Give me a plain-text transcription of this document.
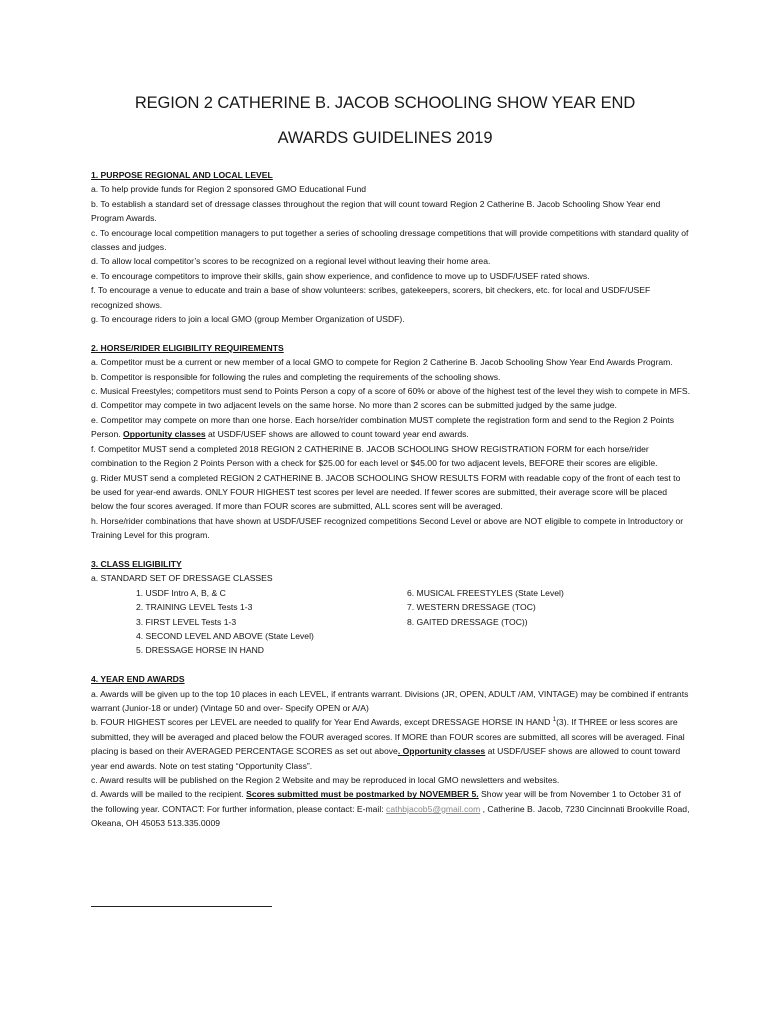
REGION 2 CATHERINE B. JACOB SCHOOLING SHOW YEAR END
AWARDS GUIDELINES 2019

1. PURPOSE REGIONAL AND LOCAL LEVEL

a. To help provide funds for Region 2 sponsored GMO Educational Fund

b. To establish a standard set of dressage classes throughout the region that will count toward Region 2 Catherine B. Jacob Schooling Show Year end Program Awards.

c. To encourage local competition managers to put together a series of schooling dressage competitions that will provide competitions with standard quality of classes and judges.

d. To allow local competitor’s scores to be recognized on a regional level without leaving their home area.

e. To encourage competitors to improve their skills, gain show experience, and confidence to move up to USDF/USEF rated shows.

f. To encourage a venue to educate and train a base of show volunteers: scribes, gatekeepers, scorers, bit checkers, etc. for local and USDF/USEF recognized shows.

g. To encourage riders to join a local GMO (group Member Organization of USDF).

2. HORSE/RIDER ELIGIBILITY REQUIREMENTS

a. Competitor must be a current or new member of a local GMO to compete for Region 2 Catherine B. Jacob Schooling Show Year End Awards Program.

b. Competitor is responsible for following the rules and completing the requirements of the schooling shows.

c. Musical Freestyles; competitors must send to Points Person a copy of a score of 60% or above of the highest test of the level they wish to compete in MFS.

d. Competitor may compete in two adjacent levels on the same horse. No more than 2 scores can be submitted judged by the same judge.

e. Competitor may compete on more than one horse. Each horse/rider combination MUST complete the registration form and send to the Region 2 Points Person. Opportunity classes at USDF/USEF shows are allowed to count toward year end awards.

f. Competitor MUST send a completed 2018 REGION 2 CATHERINE B. JACOB SCHOOLING SHOW REGISTRATION FORM for each horse/rider combination to the Region 2 Points Person with a check for $25.00 for each level or $45.00 for two adjacent levels, BEFORE their scores are eligible.

g. Rider MUST send a completed REGION 2 CATHERINE B. JACOB SCHOOLING SHOW RESULTS FORM with readable copy of the front of each test to be used for year-end awards. ONLY FOUR HIGHEST test scores per level are needed. If fewer scores are submitted, their average score will be placed below the four scores averaged. If more than FOUR scores are submitted, ALL scores sent will be averaged.

h. Horse/rider combinations that have shown at USDF/USEF recognized competitions Second Level or above are NOT eligible to compete in Introductory or Training Level for this program.

3. CLASS ELIGIBILITY

a. STANDARD SET OF DRESSAGE CLASSES

1. USDF Intro A, B, & C
2. TRAINING LEVEL Tests 1-3
3. FIRST LEVEL Tests 1-3
4. SECOND LEVEL AND ABOVE (State Level)
5. DRESSAGE HORSE IN HAND
6. MUSICAL FREESTYLES (State Level)
7. WESTERN DRESSAGE (TOC)
8. GAITED DRESSAGE (TOC))

4. YEAR END AWARDS

a. Awards will be given up to the top 10 places in each LEVEL, if entrants warrant. Divisions (JR, OPEN, ADULT /AM, VINTAGE) may be combined if entrants warrant (Junior-18 or under) (Vintage 50 and over- Specify OPEN or A/A)

b. FOUR HIGHEST scores per LEVEL are needed to qualify for Year End Awards, except DRESSAGE HORSE IN HAND $^1$(3). If THREE or less scores are submitted, they will be averaged and placed below the FOUR averaged scores. If MORE than FOUR scores are submitted, all scores will be averaged. Final placing is based on their AVERAGED PERCENTAGE SCORES as set out above. Opportunity classes at USDF/USEF shows are allowed to count toward year end awards. Note on test stating “Opportunity Class”.

c. Award results will be published on the Region 2 Website and may be reproduced in local GMO newsletters and websites.

d. Awards will be mailed to the recipient. Scores submitted must be postmarked by NOVEMBER 5. Show year will be from November 1 to October 31 of the following year. CONTACT: For further information, please contact: E-mail: cathbjacob5@gmail.com , Catherine B. Jacob, 7230 Cincinnati Brookville Road, Okeana, OH 45053 513.335.0009
